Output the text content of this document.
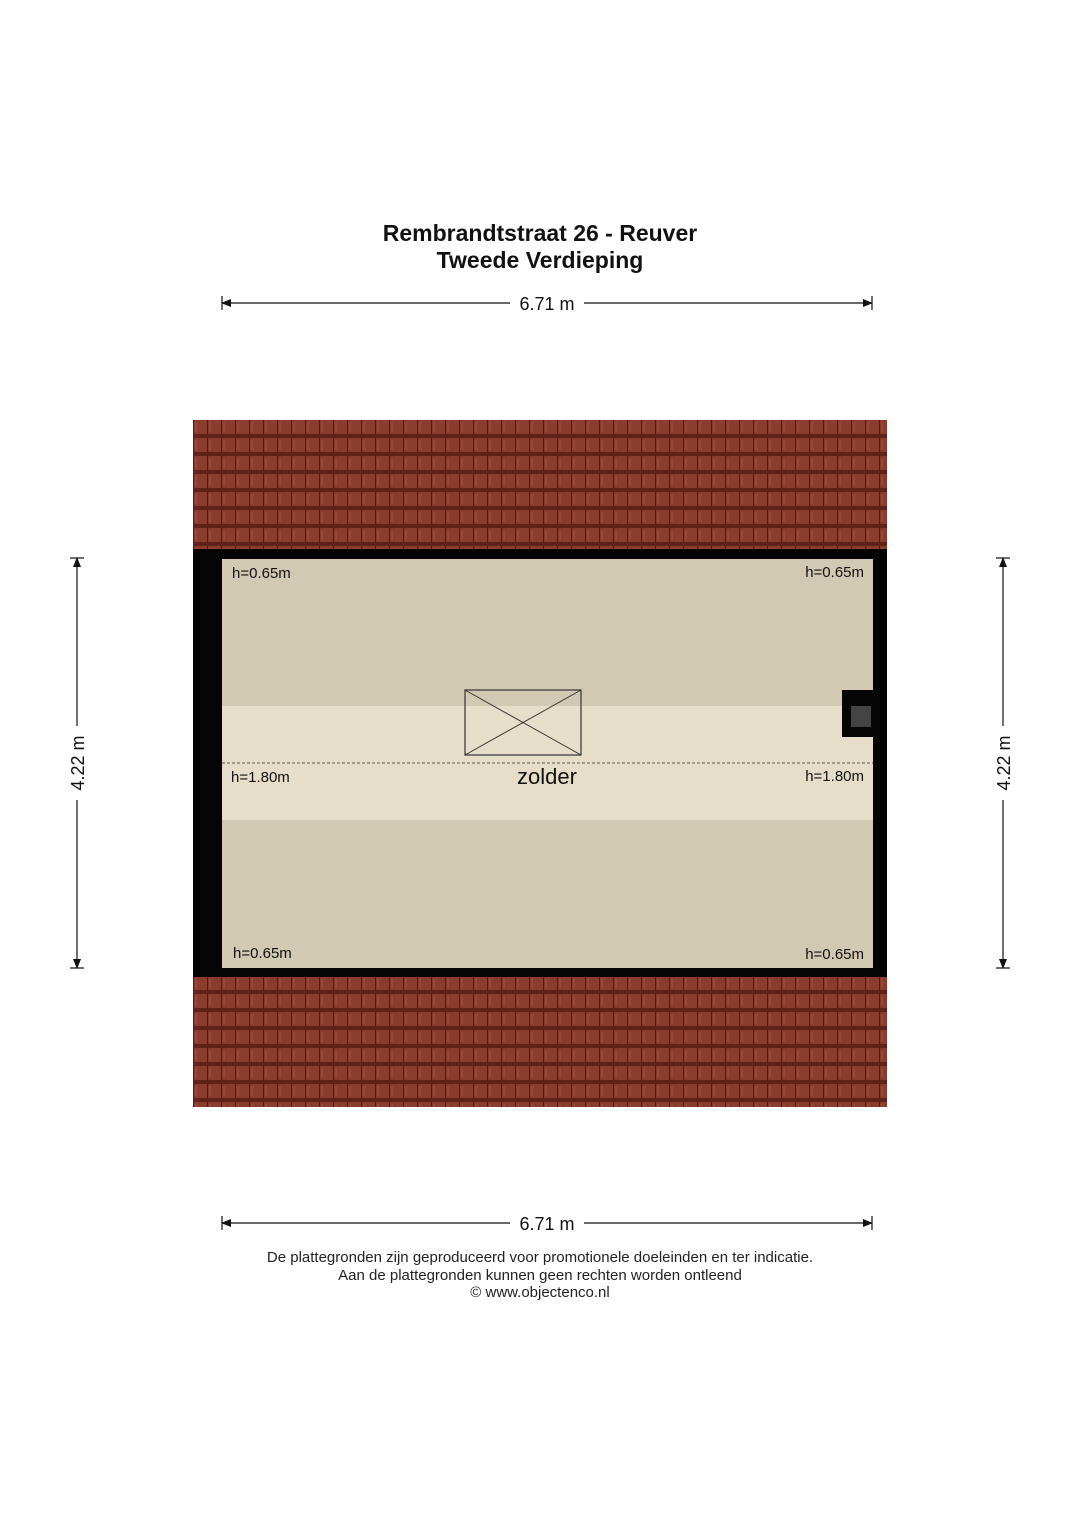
Rembrandtstraat 26 - Reuver
Tweede Verdieping
6.71 m
zolder
h=0.65m	h=0.65m
h=1.80m	h=1.80m
h=0.65m	h=0.65m
4.22 m	4.22 m
6.71 m
De plattegronden zijn geproduceerd voor promotionele doeleinden en ter indicatie.
Aan de plattegronden kunnen geen rechten worden ontleend
© www.objectenco.nl
